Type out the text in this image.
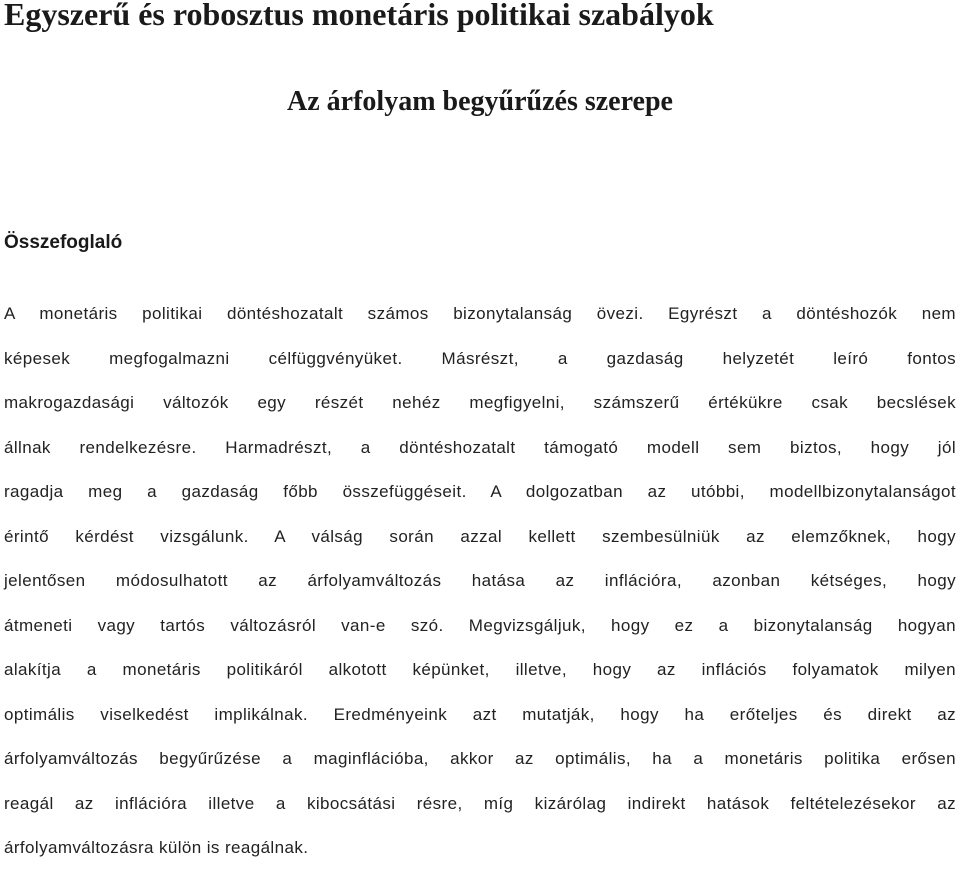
Egyszerű és robosztus monetáris politikai szabályok
Az árfolyam begyűrűzés szerepe
Összefoglaló
A monetáris politikai döntéshozatalt számos bizonytalanság övezi. Egyrészt a döntéshozók nem
képesek megfogalmazni célfüggvényüket. Másrészt, a gazdaság helyzetét leíró fontos
makrogazdasági változók egy részét nehéz megfigyelni, számszerű értékükre csak becslések
állnak rendelkezésre. Harmadrészt, a döntéshozatalt támogató modell sem biztos, hogy jól
ragadja meg a gazdaság főbb összefüggéseit. A dolgozatban az utóbbi, modellbizonytalanságot
érintő kérdést vizsgálunk. A válság során azzal kellett szembesülniük az elemzőknek, hogy
jelentősen módosulhatott az árfolyamváltozás hatása az inflációra, azonban kétséges, hogy
átmeneti vagy tartós változásról van-e szó. Megvizsgáljuk, hogy ez a bizonytalanság hogyan
alakítja a monetáris politikáról alkotott képünket, illetve, hogy az inflációs folyamatok milyen
optimális viselkedést implikálnak. Eredményeink azt mutatják, hogy ha erőteljes és direkt az
árfolyamváltozás begyűrűzése a maginflációba, akkor az optimális, ha a monetáris politika erősen
reagál az inflációra illetve a kibocsátási résre, míg kizárólag indirekt hatások feltételezésekor az
árfolyamváltozásra külön is reagálnak.
